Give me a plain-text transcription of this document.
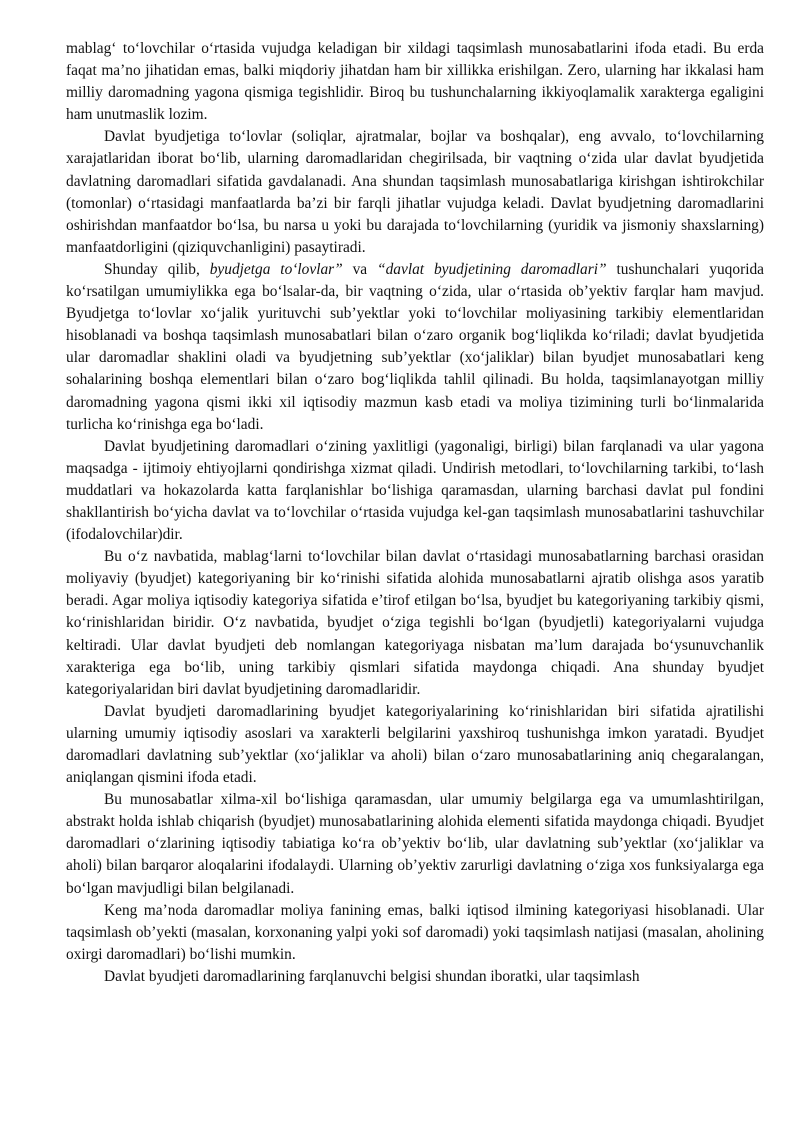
mablag‘ to‘lovchilar o‘rtasida vujudga keladigan bir xildagi taqsimlash munosabatlarini ifoda etadi. Bu erda faqat ma’no jihatidan emas, balki miqdoriy jihatdan ham bir xillikka erishilgan. Zero, ularning har ikkalasi ham milliy daromadning yagona qismiga tegishlidir. Biroq bu tushunchalarning ikkiyoqlamalik xarakterga egaligini ham unutmaslik lozim.

Davlat byudjetiga to‘lovlar (soliqlar, ajratmalar, bojlar va boshqalar), eng avvalo, to‘lovchilarning xarajatlaridan iborat bo‘lib, ularning daromadlaridan chegirilsada, bir vaqtning o‘zida ular davlat byudjetida davlatning daromadlari sifatida gavdalanadi. Ana shundan taqsimlash munosabatlariga kirishgan ishtirokchilar (tomonlar) o‘rtasidagi manfaatlarda ba’zi bir farqli jihatlar vujudga keladi. Davlat byudjetning daromadlarini oshirishdan manfaatdor bo‘lsa, bu narsa u yoki bu darajada to‘lovchilarning (yuridik va jismoniy shaxslarning) manfaatdorligini (qiziquvchanligini) pasaytiradi.

Shunday qilib, byudjetga to‘lovlar” va “davlat byudjetining daromadlari” tushunchalari yuqorida ko‘rsatilgan umumiylikka ega bo‘lsalar-da, bir vaqtning o‘zida, ular o‘rtasida ob’yektiv farqlar ham mavjud. Byudjetga to‘lovlar xo‘jalik yurituvchi sub’yektlar yoki to‘lovchilar moliyasining tarkibiy elementlaridan hisoblanadi va boshqa taqsimlash munosabatlari bilan o‘zaro organik bog‘liqlikda ko‘riladi; davlat byudjetida ular daromadlar shaklini oladi va byudjetning sub’yektlar (xo‘jaliklar) bilan byudjet munosabatlari keng sohalarining boshqa elementlari bilan o‘zaro bog‘liqlikda tahlil qilinadi. Bu holda, taqsimlanayotgan milliy daromadning yagona qismi ikki xil iqtisodiy mazmun kasb etadi va moliya tizimining turli bo‘linmalarida turlicha ko‘rinishga ega bo‘ladi.

Davlat byudjetining daromadlari o‘zining yaxlitligi (yagonaligi, birligi) bilan farqlanadi va ular yagona maqsadga - ijtimoiy ehtiyojlarni qondirishga xizmat qiladi. Undirish metodlari, to‘lovchilarning tarkibi, to‘lash muddatlari va hokazolarda katta farqlanishlar bo‘lishiga qaramasdan, ularning barchasi davlat pul fondini shakllantirish bo‘yicha davlat va to‘lovchilar o‘rtasida vujudga kel-gan taqsimlash munosabatlarini tashuvchilar (ifodalovchilar)dir.

Bu o‘z navbatida, mablag‘larni to‘lovchilar bilan davlat o‘rtasidagi munosabatlarning barchasi orasidan moliyaviy (byudjet) kategoriyaning bir ko‘rinishi sifatida alohida munosabatlarni ajratib olishga asos yaratib beradi. Agar moliya iqtisodiy kategoriya sifatida e’tirof etilgan bo‘lsa, byudjet bu kategoriyaning tarkibiy qismi, ko‘rinishlaridan biridir. O‘z navbatida, byudjet o‘ziga tegishli bo‘lgan (byudjetli) kategoriyalarni vujudga keltiradi. Ular davlat byudjeti deb nomlangan kategoriyaga nisbatan ma’lum darajada bo‘ysunuvchanlik xarakteriga ega bo‘lib, uning tarkibiy qismlari sifatida maydonga chiqadi. Ana shunday byudjet kategoriyalaridan biri davlat byudjetining daromadlaridir.

Davlat byudjeti daromadlarining byudjet kategoriyalarining ko‘rinishlaridan biri sifatida ajratilishi ularning umumiy iqtisodiy asoslari va xarakterli belgilarini yaxshiroq tushunishga imkon yaratadi. Byudjet daromadlari davlatning sub’yektlar (xo‘jaliklar va aholi) bilan o‘zaro munosabatlarining aniq chegaralangan, aniqlangan qismini ifoda etadi.

Bu munosabatlar xilma-xil bo‘lishiga qaramasdan, ular umumiy belgilarga ega va umumlashtirilgan, abstrakt holda ishlab chiqarish (byudjet) munosabatlarining alohida elementi sifatida maydonga chiqadi. Byudjet daromadlari o‘zlarining iqtisodiy tabiatiga ko‘ra ob’yektiv bo‘lib, ular davlatning sub’yektlar (xo‘jaliklar va aholi) bilan barqaror aloqalarini ifodalaydi. Ularning ob’yektiv zarurligi davlatning o‘ziga xos funksiyalarga ega bo‘lgan mavjudligi bilan belgilanadi.

Keng ma’noda daromadlar moliya fanining emas, balki iqtisod ilmining kategoriyasi hisoblanadi. Ular taqsimlash ob’yekti (masalan, korxonaning yalpi yoki sof daromadi) yoki taqsimlash natijasi (masalan, aholining oxirgi daromadlari) bo‘lishi mumkin.

Davlat byudjeti daromadlarining farqlanuvchi belgisi shundan iboratki, ular taqsimlash
